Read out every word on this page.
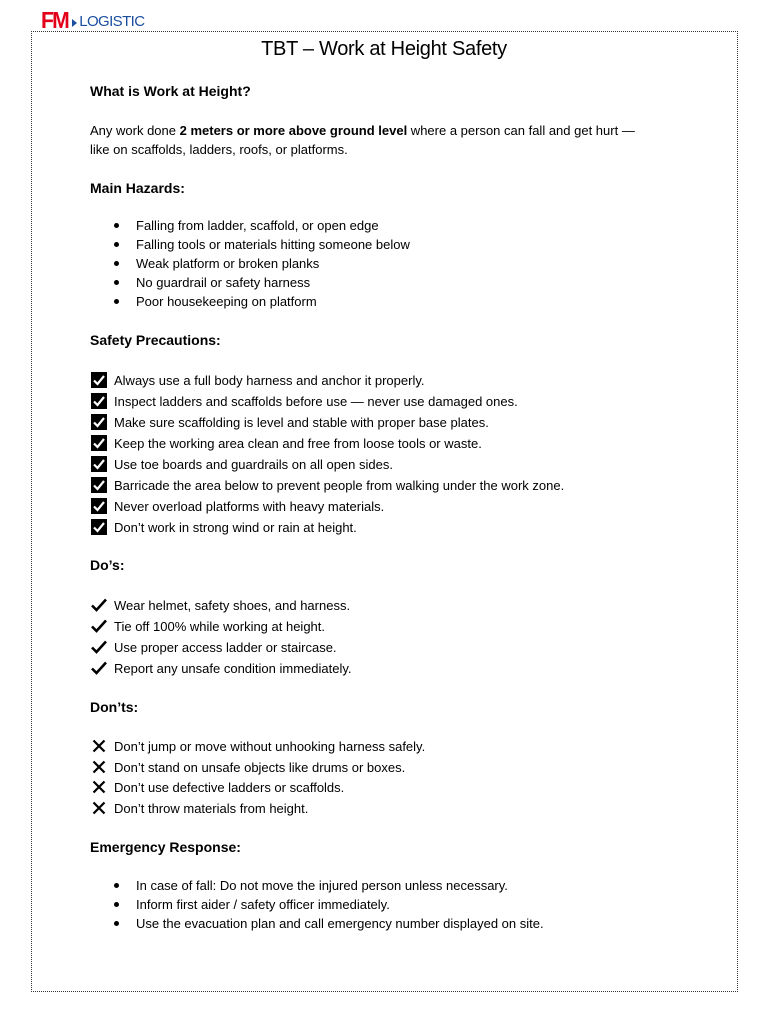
FM LOGISTIC
TBT – Work at Height Safety
What is Work at Height?
Any work done 2 meters or more above ground level where a person can fall and get hurt —
like on scaffolds, ladders, roofs, or platforms.
Main Hazards:
Falling from ladder, scaffold, or open edge
Falling tools or materials hitting someone below
Weak platform or broken planks
No guardrail or safety harness
Poor housekeeping on platform
Safety Precautions:
Always use a full body harness and anchor it properly.
Inspect ladders and scaffolds before use — never use damaged ones.
Make sure scaffolding is level and stable with proper base plates.
Keep the working area clean and free from loose tools or waste.
Use toe boards and guardrails on all open sides.
Barricade the area below to prevent people from walking under the work zone.
Never overload platforms with heavy materials.
Don’t work in strong wind or rain at height.
Do’s:
Wear helmet, safety shoes, and harness.
Tie off 100% while working at height.
Use proper access ladder or staircase.
Report any unsafe condition immediately.
Don’ts:
Don’t jump or move without unhooking harness safely.
Don’t stand on unsafe objects like drums or boxes.
Don’t use defective ladders or scaffolds.
Don’t throw materials from height.
Emergency Response:
In case of fall: Do not move the injured person unless necessary.
Inform first aider / safety officer immediately.
Use the evacuation plan and call emergency number displayed on site.
